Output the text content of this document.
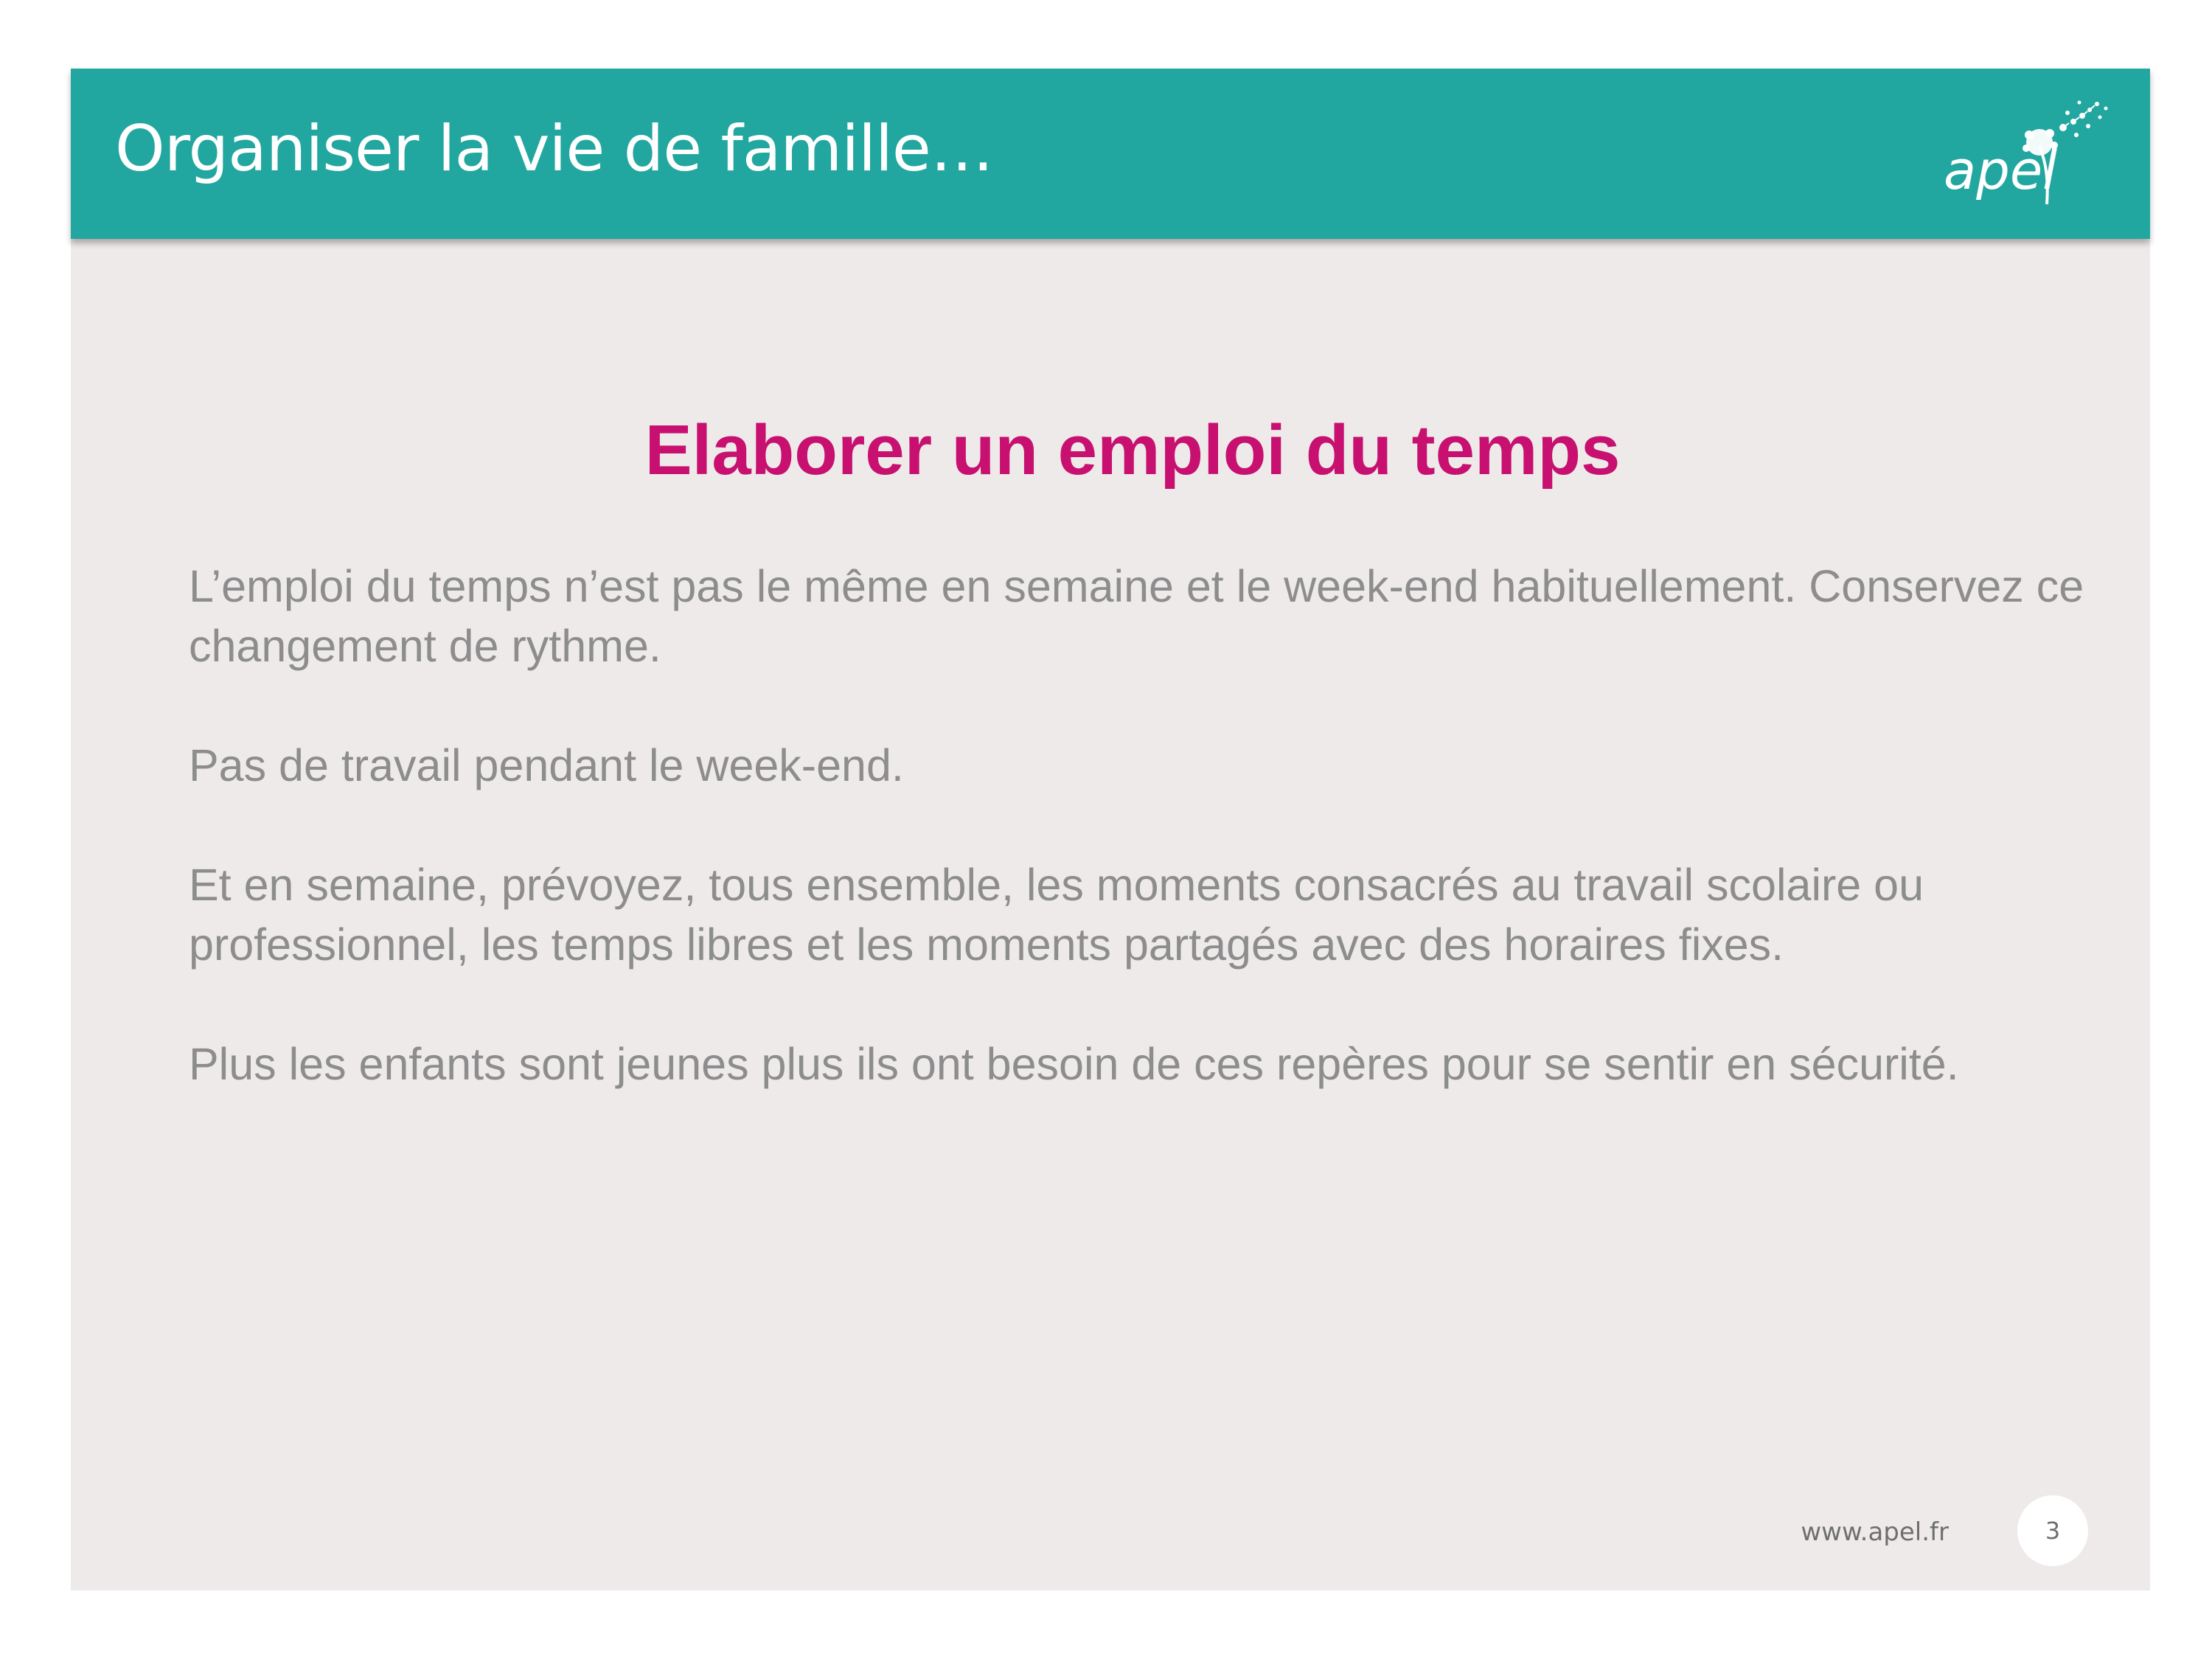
Organiser la vie de famille…	apel
Elaborer un emploi du temps

L’emploi du temps n’est pas le même en semaine et le week-end habituellement. Conservez ce changement de rythme.

Pas de travail pendant le week-end.

Et en semaine, prévoyez, tous ensemble, les moments consacrés au travail scolaire ou professionnel, les temps libres et les moments partagés avec des horaires fixes.

Plus les enfants sont jeunes plus ils ont besoin de ces repères pour se sentir en sécurité.

www.apel.fr	3
